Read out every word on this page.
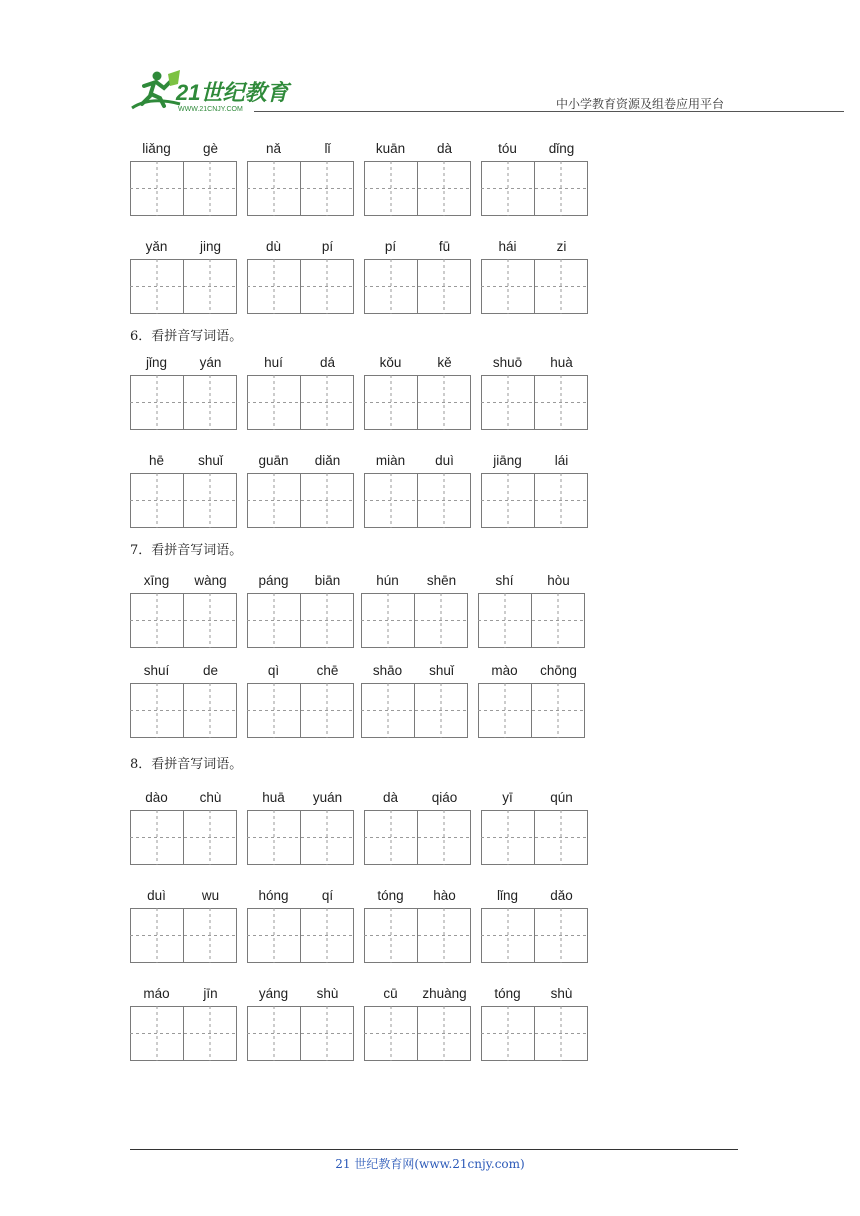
21世纪教育
WWW.21CNJY.COM	中小学教育资源及组卷应用平台
6．看拼音写词语。
7．看拼音写词语。
8．看拼音写词语。
liǎng	gè	nǎ	lǐ	kuān	dà	tóu	dǐng
yǎn	jing	dù	pí	pí	fū	hái	zi
jǐng	yán	huí	dá	kǒu	kě	shuō	huà
hē	shuǐ	guān	diǎn	miàn	duì	jiāng	lái
xīng	wàng	páng	biān	hún	shēn	shí	hòu
shuí	de	qì	chē	shāo	shuǐ	mào	chōng
dào	chù	huā	yuán	dà	qiáo	yī	qún
duì	wu	hóng	qí	tóng	hào	lǐng	dǎo
máo	jīn	yáng	shù	cū	zhuàng	tóng	shù
21 世纪教育网(www.21cnjy.com)
